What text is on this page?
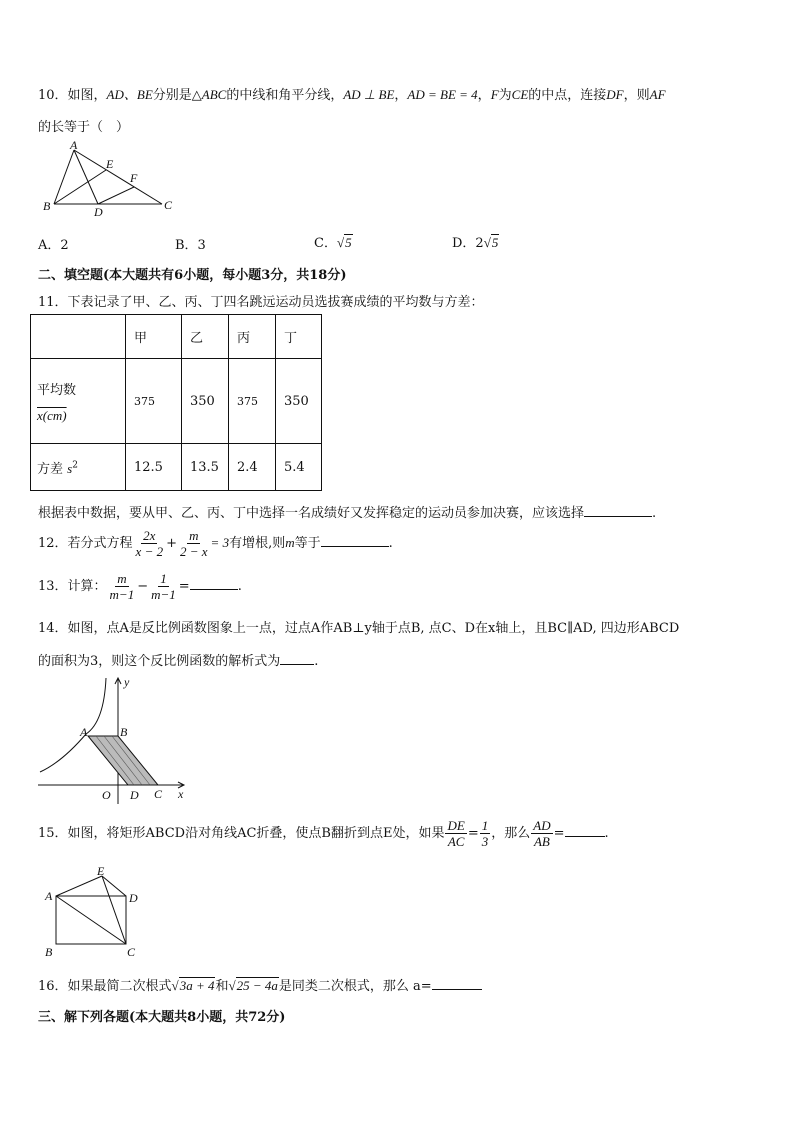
10．如图，AD、BE分别是△ABC的中线和角平分线，AD ⊥ BE，AD = BE = 4，F为CE的中点，连接DF，则AF
的长等于（　）
A
E
F
B	D	C
A．2	B．3	C．√5	D．2√5
二、填空题(本大题共有6小题，每小题3分，共18分)
11．下表记录了甲、乙、丙、丁四名跳远运动员选拔赛成绩的平均数与方差：
	甲	乙	丙	丁

平均数
x(cm)	375	350	375	350
方差 $s^2$	12.5	13.5	2.4	5.4
根据表中数据，要从甲、乙、丙、丁中选择一名成绩好又发挥稳定的运动员参加决赛，应该选择	.
12．若分式方程 $\frac{2x}{x - 2} + \frac{m}{2 - x} = 3$有增根,则m等于	.
13．计算： $\frac{m}{m-1} - \frac{1}{m-1}$ =	.
14．如图，点A是反比例函数图象上一点，过点A作AB⊥y轴于点B, 点C、D在x轴上，且BC∥AD, 四边形ABCD
的面积为3，则这个反比例函数的解析式为	.
y
A	B
O D C x
15．如图，将矩形ABCD沿对角线AC折叠，使点B翻折到点E处，如果 $\frac{DE}{AC} = \frac{1}{3}$ ，那么 $\frac{AD}{AB}$ =	.
E
A	D
B	C
16．如果最简二次根式√3a + 4和√25 − 4a是同类二次根式，那么 a=
三、解下列各题(本大题共8小题，共72分)
